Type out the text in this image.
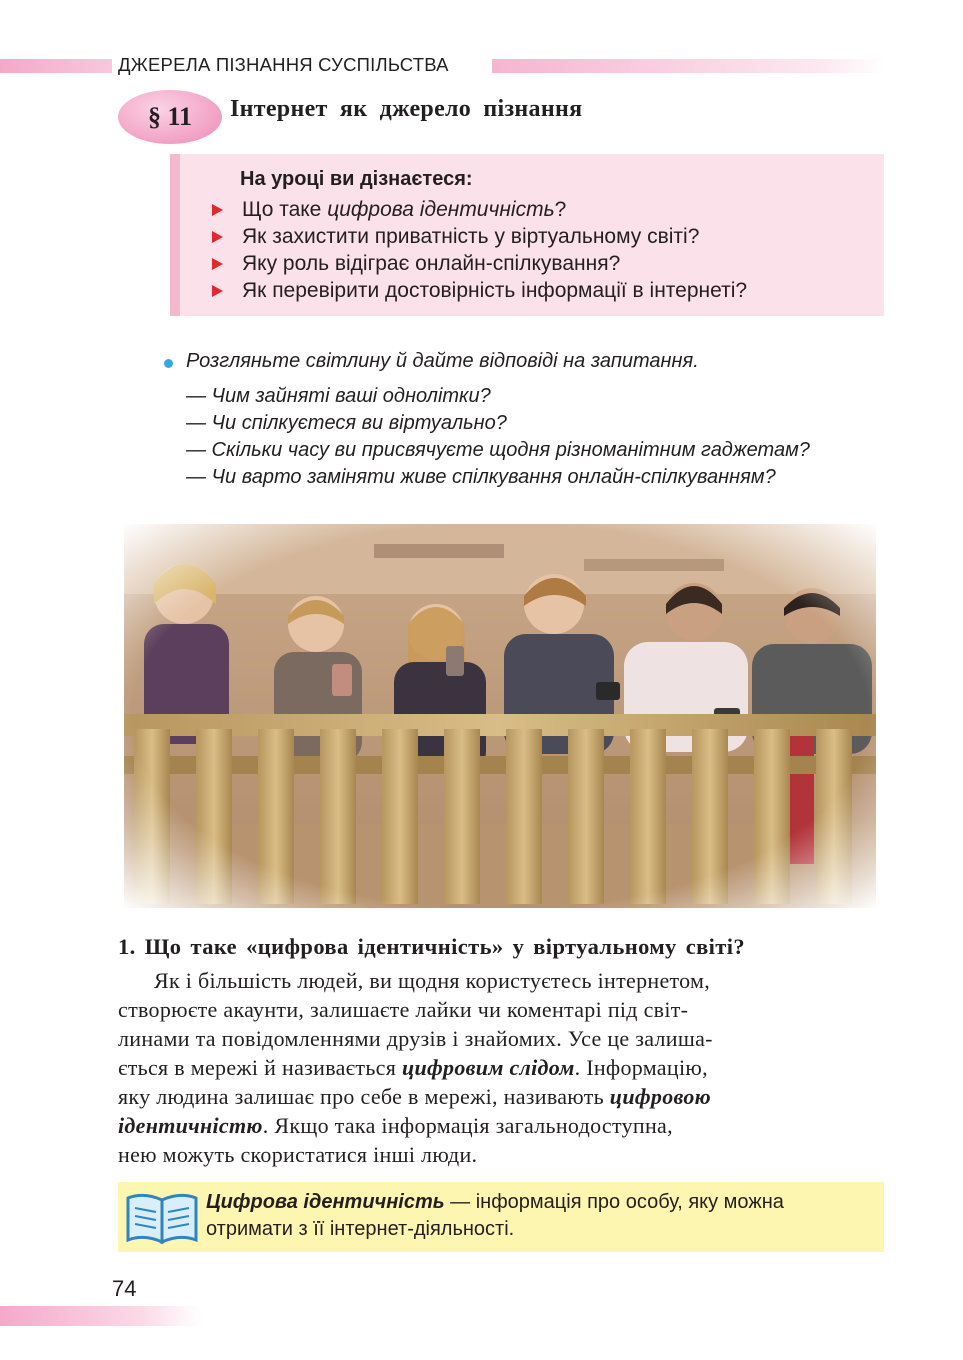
ДЖЕРЕЛА ПІЗНАННЯ СУСПІЛЬСТВА
§ 11	Інтернет як джерело пізнання
На уроці ви дізнаєтеся:
Що таке цифрова ідентичність?
Як захистити приватність у віртуальному світі?
Яку роль відіграє онлайн-спілкування?
Як перевірити достовірність інформації в інтернеті?
Розгляньте світлину й дайте відповіді на запитання.
— Чим зайняті ваші однолітки?
— Чи спілкуєтеся ви віртуально?
— Скільки часу ви присвячуєте щодня різноманітним гаджетам?
— Чи варто заміняти живе спілкування онлайн-спілкуванням?
1. Що таке «цифрова ідентичність» у віртуальному світі?
Як і більшість людей, ви щодня користуєтесь інтернетом,
створюєте акаунти, залишаєте лайки чи коментарі під світ-
линами та повідомленнями друзів і знайомих. Усе це залиша-
ється в мережі й називається цифровим слідом. Інформацію,
яку людина залишає про себе в мережі, називають цифровою
ідентичністю. Якщо така інформація загальнодоступна,
нею можуть скористатися інші люди.
Цифрова ідентичність — інформація про особу, яку можна отримати з її інтернет-діяльності.
74
